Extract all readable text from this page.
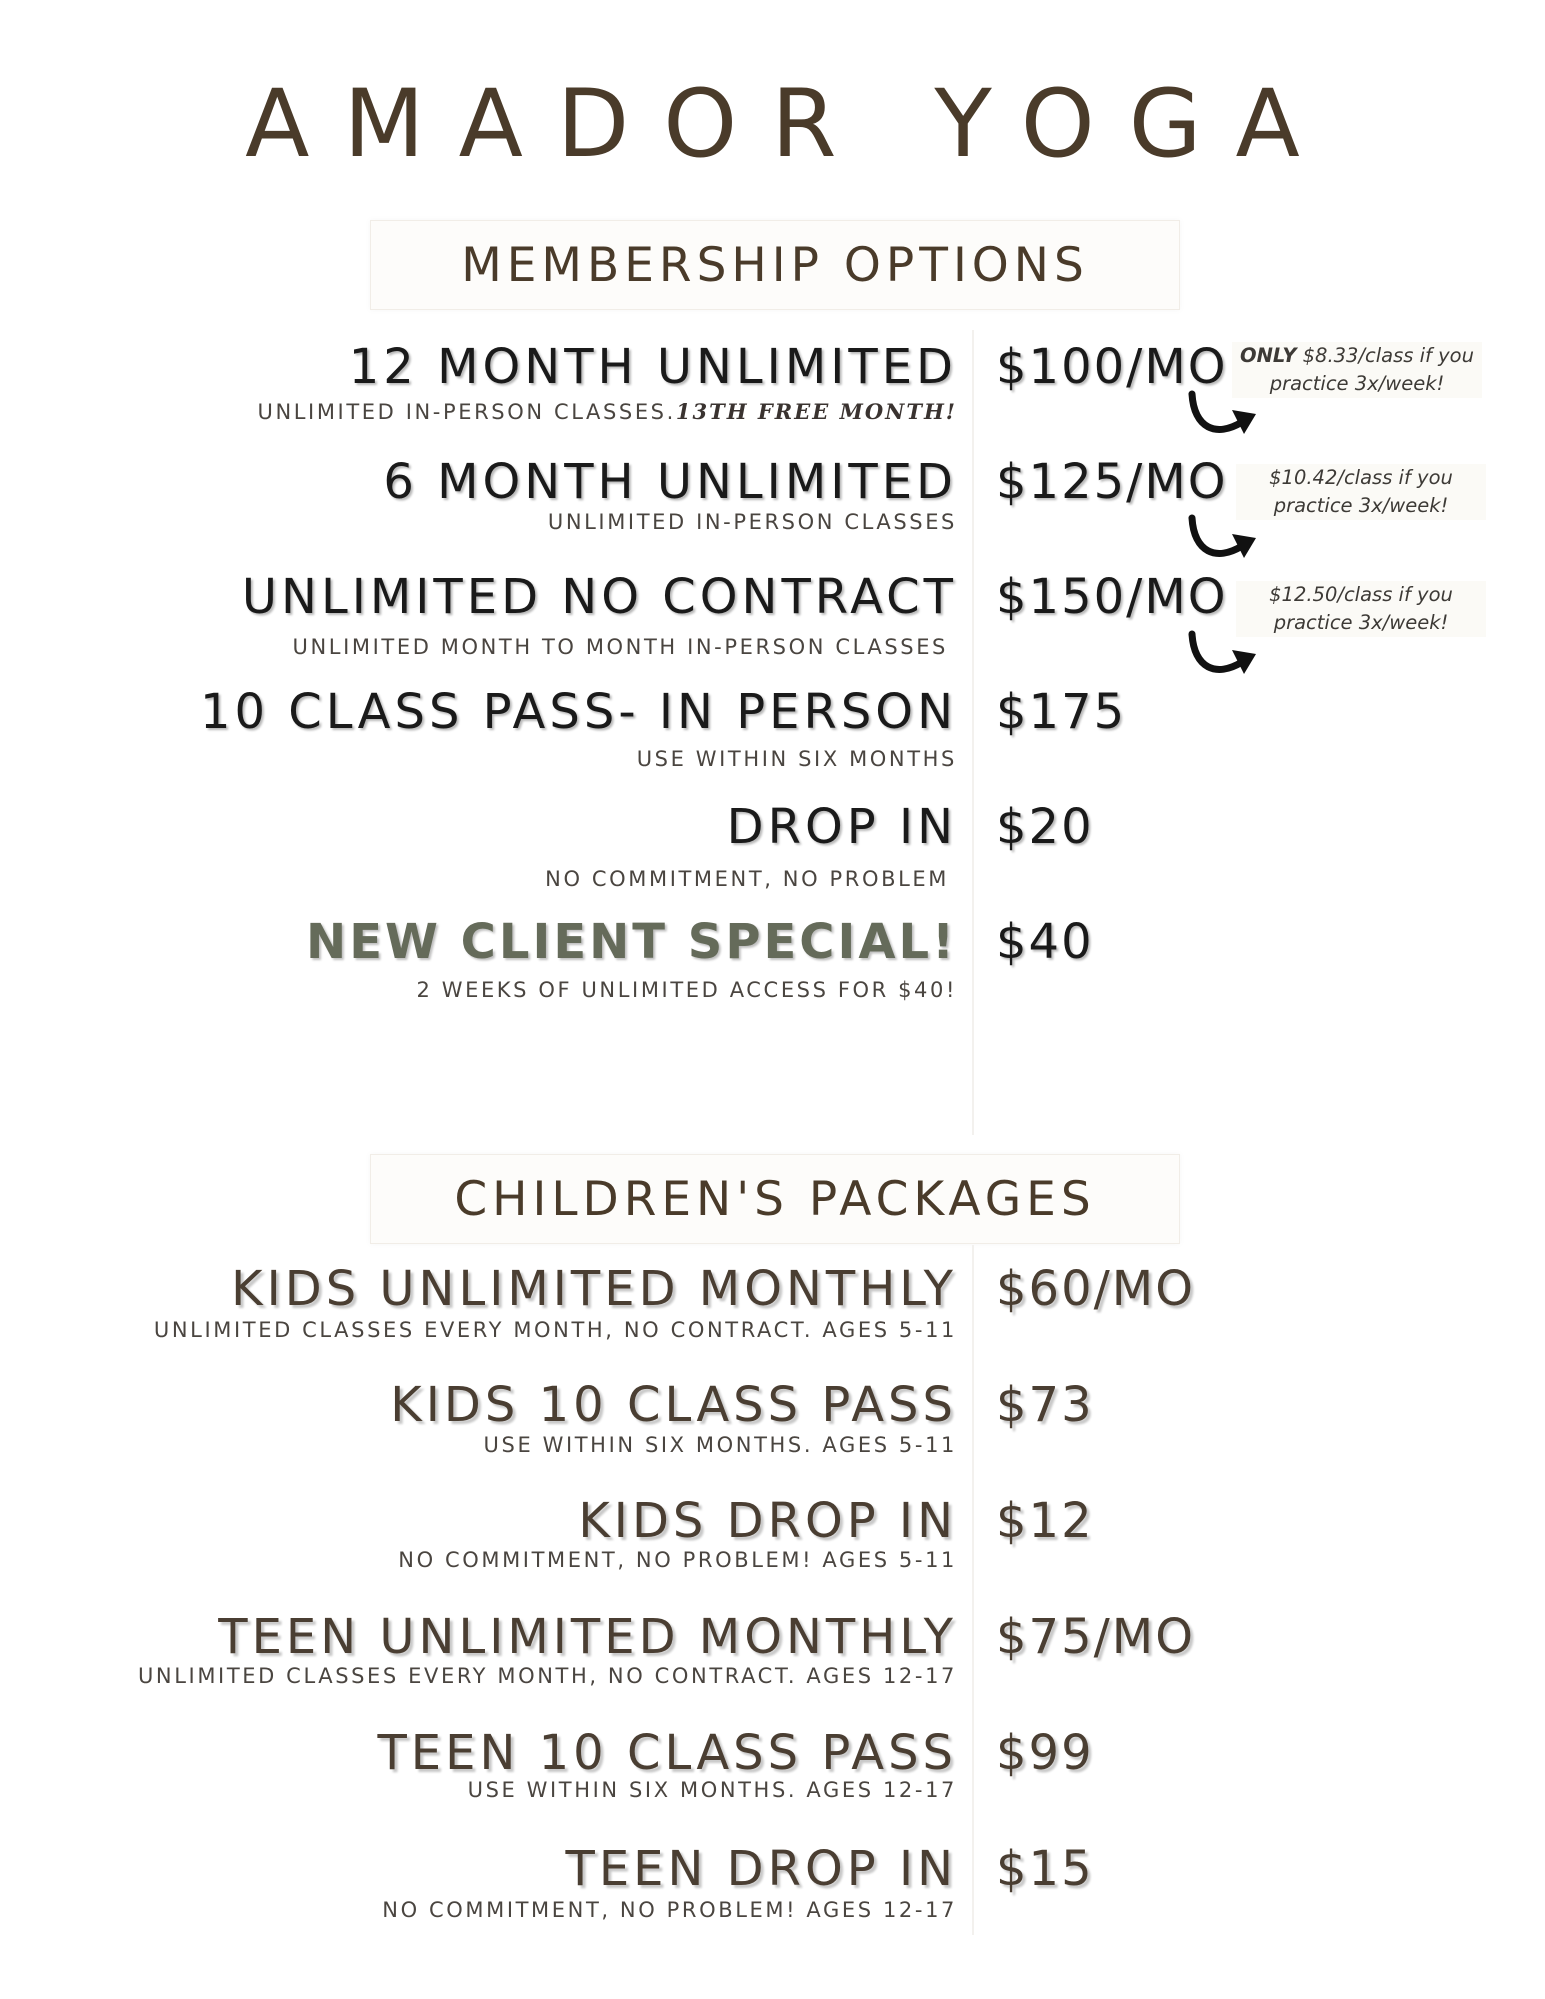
AMADOR YOGA
MEMBERSHIP OPTIONS
12 MONTH UNLIMITED
UNLIMITED IN-PERSON CLASSES.13TH FREE MONTH!
$100/MO
6 MONTH UNLIMITED
UNLIMITED IN-PERSON CLASSES
$125/MO
UNLIMITED NO CONTRACT
UNLIMITED MONTH TO MONTH IN-PERSON CLASSES
$150/MO
10 CLASS PASS- IN PERSON
USE WITHIN SIX MONTHS
$175
DROP IN
NO COMMITMENT, NO PROBLEM
$20
NEW CLIENT SPECIAL!
2 WEEKS OF UNLIMITED ACCESS FOR $40!
$40
ONLY $8.33/class if you
practice 3x/week!
$10.42/class if you
practice 3x/week!
$12.50/class if you
practice 3x/week!
CHILDREN'S PACKAGES
KIDS UNLIMITED MONTHLY
UNLIMITED CLASSES EVERY MONTH, NO CONTRACT. AGES 5-11
$60/MO
KIDS 10 CLASS PASS
USE WITHIN SIX MONTHS. AGES 5-11
$73
KIDS DROP IN
NO COMMITMENT, NO PROBLEM! AGES 5-11
$12
TEEN UNLIMITED MONTHLY
UNLIMITED CLASSES EVERY MONTH, NO CONTRACT. AGES 12-17
$75/MO
TEEN 10 CLASS PASS
USE WITHIN SIX MONTHS. AGES 12-17
$99
TEEN DROP IN
NO COMMITMENT, NO PROBLEM! AGES 12-17
$15
